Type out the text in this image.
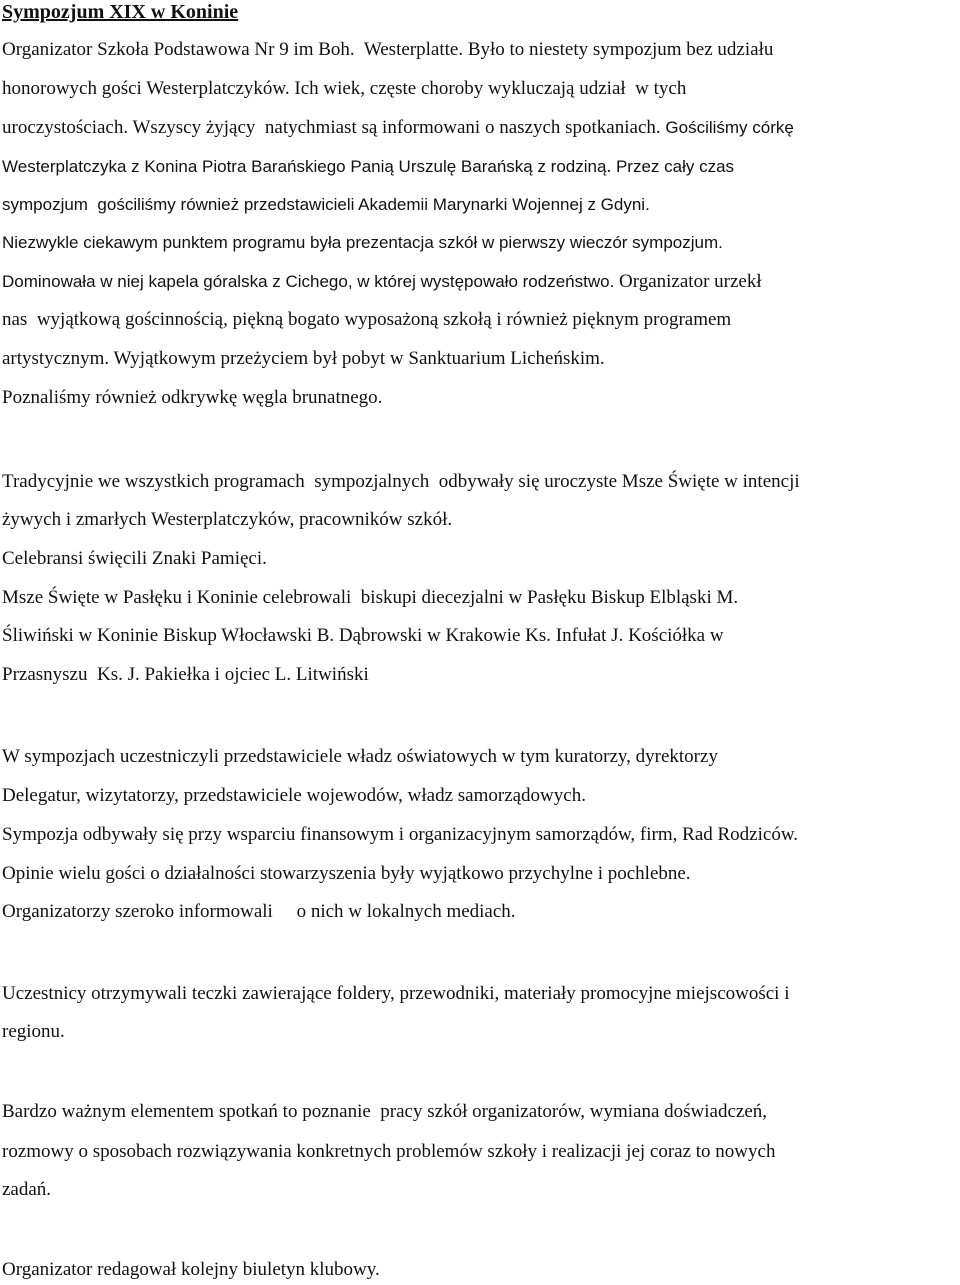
Sympozjum XIX w Koninie

Organizator Szkoła Podstawowa Nr 9 im Boh.  Westerplatte. Było to niestety sympozjum bez udziału

honorowych gości Westerplatczyków. Ich wiek, częste choroby wykluczają udział  w tych

uroczystościach. Wszyscy żyjący  natychmiast są informowani o naszych spotkaniach. Gościliśmy córkę

Westerplatczyka z Konina Piotra Barańskiego Panią Urszulę Barańską z rodziną. Przez cały czas

sympozjum  gościliśmy również przedstawicieli Akademii Marynarki Wojennej z Gdyni.

Niezwykle ciekawym punktem programu była prezentacja szkół w pierwszy wieczór sympozjum.

Dominowała w niej kapela góralska z Cichego, w której występowało rodzeństwo. Organizator urzekł

nas  wyjątkową gościnnością, piękną bogato wyposażoną szkołą i również pięknym programem

artystycznym. Wyjątkowym przeżyciem był pobyt w Sanktuarium Licheńskim.

Poznaliśmy również odkrywkę węgla brunatnego.

Tradycyjnie we wszystkich programach  sympozjalnych  odbywały się uroczyste Msze Święte w intencji

żywych i zmarłych Westerplatczyków, pracowników szkół.

Celebransi święcili Znaki Pamięci.

Msze Święte w Pasłęku i Koninie celebrowali  biskupi diecezjalni w Pasłęku Biskup Elbląski M.

Śliwiński w Koninie Biskup Włocławski B. Dąbrowski w Krakowie Ks. Infułat J. Kościółka w

Przasnyszu  Ks. J. Pakiełka i ojciec L. Litwiński

W sympozjach uczestniczyli przedstawiciele władz oświatowych w tym kuratorzy, dyrektorzy

Delegatur, wizytatorzy, przedstawiciele wojewodów, władz samorządowych.

Sympozja odbywały się przy wsparciu finansowym i organizacyjnym samorządów, firm, Rad Rodziców.

Opinie wielu gości o działalności stowarzyszenia były wyjątkowo przychylne i pochlebne.

Organizatorzy szeroko informowali     o nich w lokalnych mediach.

Uczestnicy otrzymywali teczki zawierające foldery, przewodniki, materiały promocyjne miejscowości i

regionu.

Bardzo ważnym elementem spotkań to poznanie  pracy szkół organizatorów, wymiana doświadczeń,

rozmowy o sposobach rozwiązywania konkretnych problemów szkoły i realizacji jej coraz to nowych

zadań.

Organizator redagował kolejny biuletyn klubowy.
